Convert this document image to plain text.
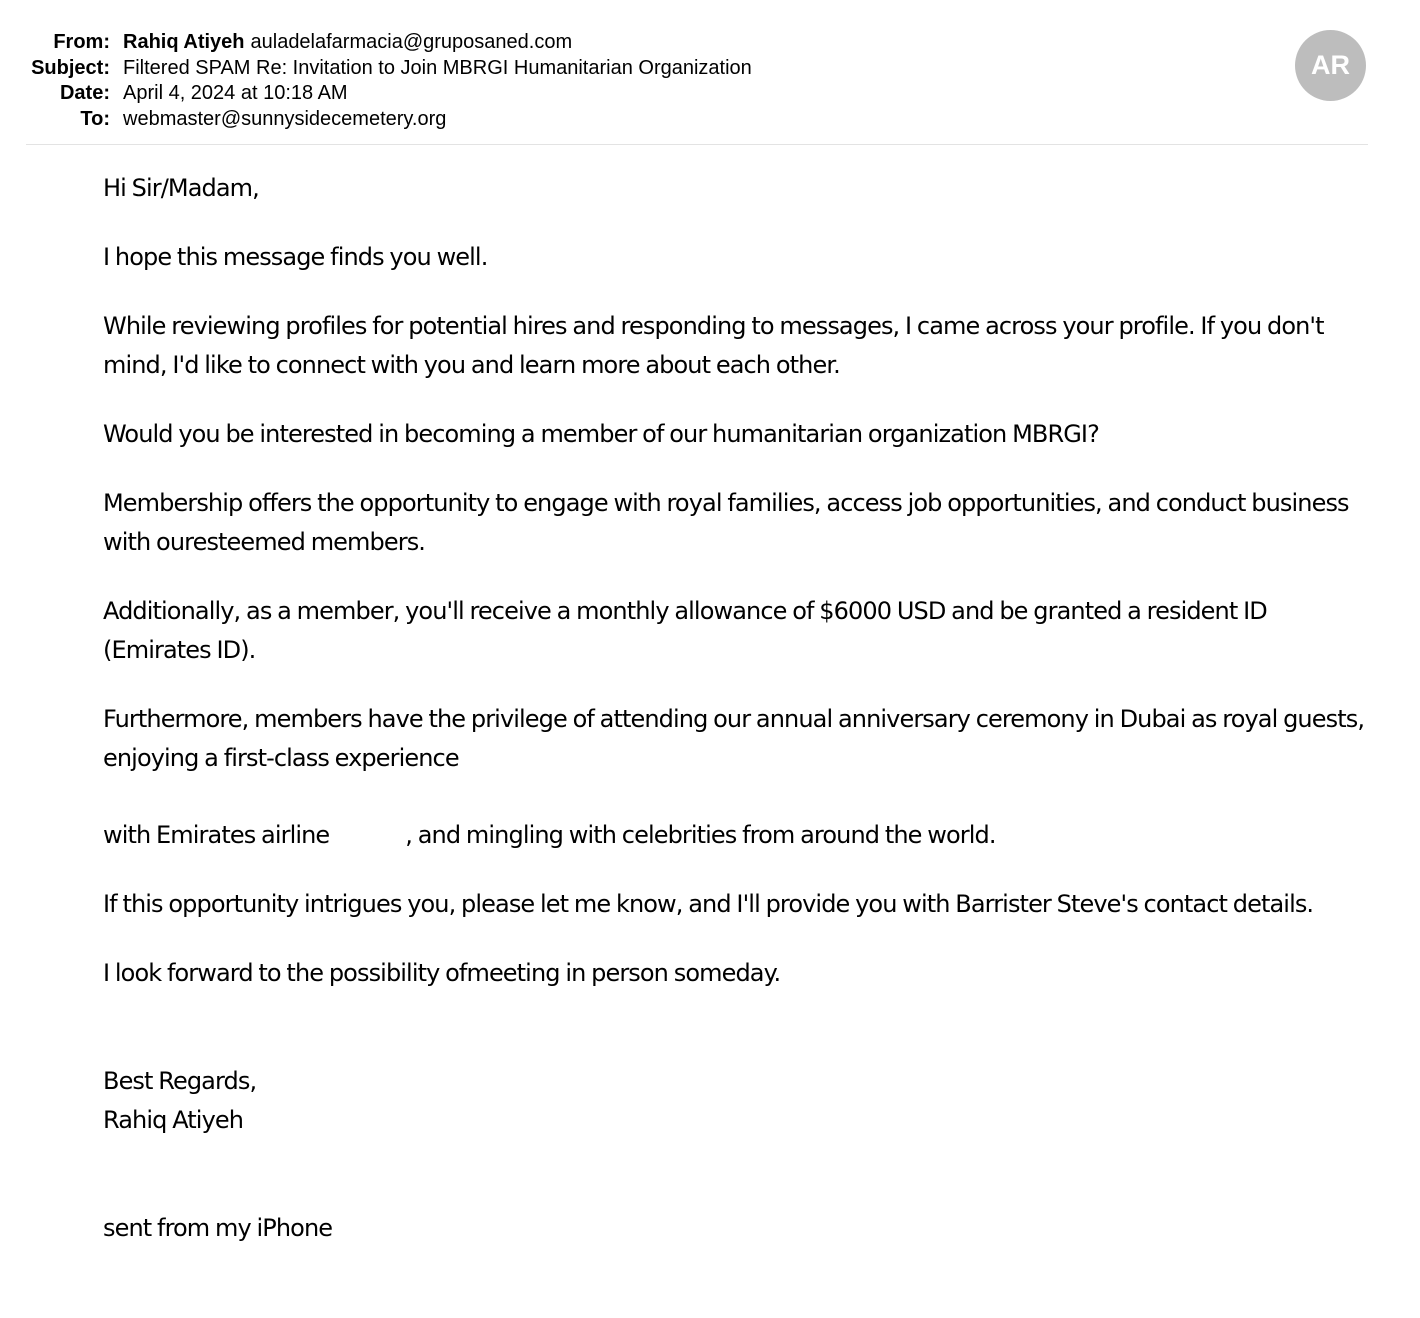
From: Rahiq Atiyeh auladelafarmacia@gruposaned.com
Subject: Filtered SPAM Re: Invitation to Join MBRGI Humanitarian Organization
Date: April 4, 2024 at 10:18 AM
To: webmaster@sunnysidecemetery.org
AR

Hi Sir/Madam,

I hope this message finds you well.

While reviewing profiles for potential hires and responding to messages, I came across your profile. If you don't mind, I'd like to connect with you and learn more about each other.

Would you be interested in becoming a member of our humanitarian organization MBRGI?

Membership offers the opportunity to engage with royal families, access job opportunities, and conduct business with ouresteemed members.

Additionally, as a member, you'll receive a monthly allowance of $6000 USD and be granted a resident ID (Emirates ID).

Furthermore, members have the privilege of attending our annual anniversary ceremony in Dubai as royal guests, enjoying a first-class experience

with Emirates airline	, and mingling with celebrities from around the world.

If this opportunity intrigues you, please let me know, and I'll provide you with Barrister Steve's contact details.

I look forward to the possibility ofmeeting in person someday.

Best Regards,
Rahiq Atiyeh

sent from my iPhone
